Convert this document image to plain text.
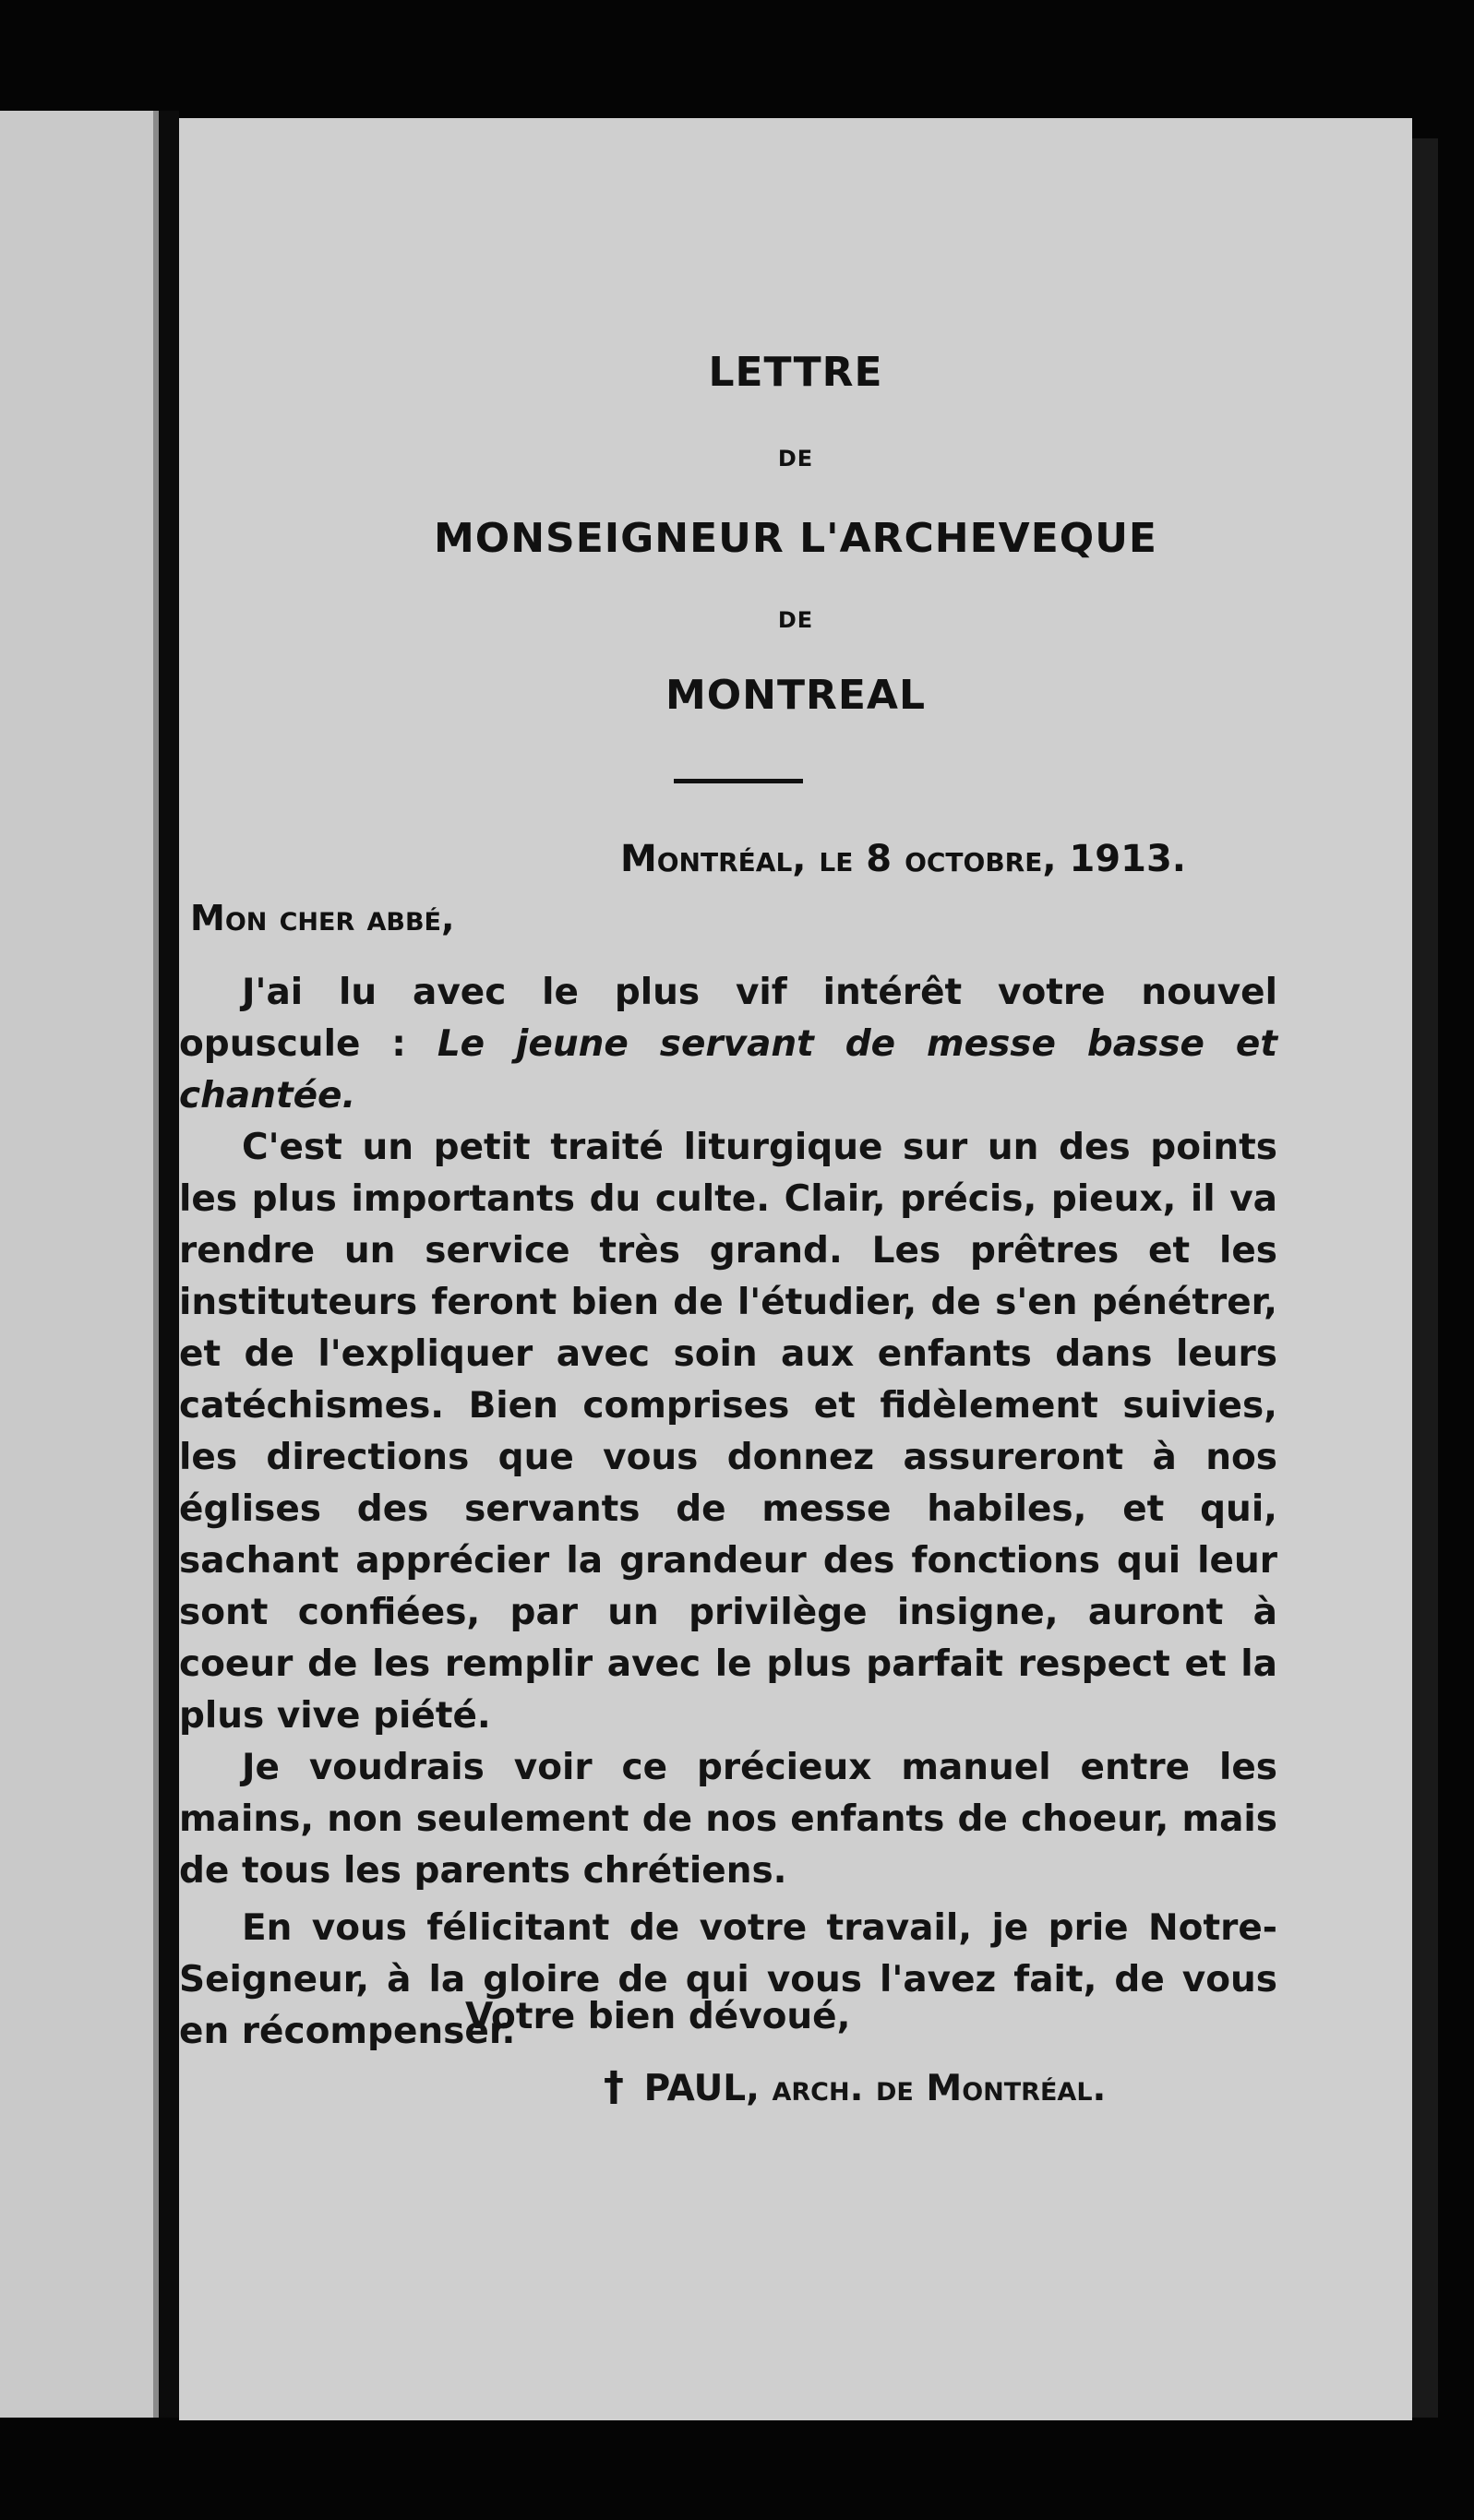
LETTRE
DE
MONSEIGNEUR L'ARCHEVEQUE
DE
MONTREAL
Montréal, le 8 octobre, 1913.
Mon cher abbé,

J'ai lu avec le plus vif intérêt votre nouvel opuscule : Le jeune servant de messe basse et chantée.

C'est un petit traité liturgique sur un des points les plus importants du culte. Clair, précis, pieux, il va rendre un service très grand. Les prêtres et les instituteurs feront bien de l'étudier, de s'en pénétrer, et de l'expliquer avec soin aux enfants dans leurs catéchismes. Bien comprises et fidèlement suivies, les directions que vous donnez assureront à nos églises des servants de messe habiles, et qui, sachant apprécier la grandeur des fonctions qui leur sont confiées, par un privilège insigne, auront à coeur de les remplir avec le plus parfait respect et la plus vive piété.

Je voudrais voir ce précieux manuel entre les mains, non seulement de nos enfants de choeur, mais de tous les parents chrétiens.

En vous félicitant de votre travail, je prie Notre-Seigneur, à la gloire de qui vous l'avez fait, de vous en récompenser.

Votre bien dévoué,
† PAUL, arch. de Montréal.
